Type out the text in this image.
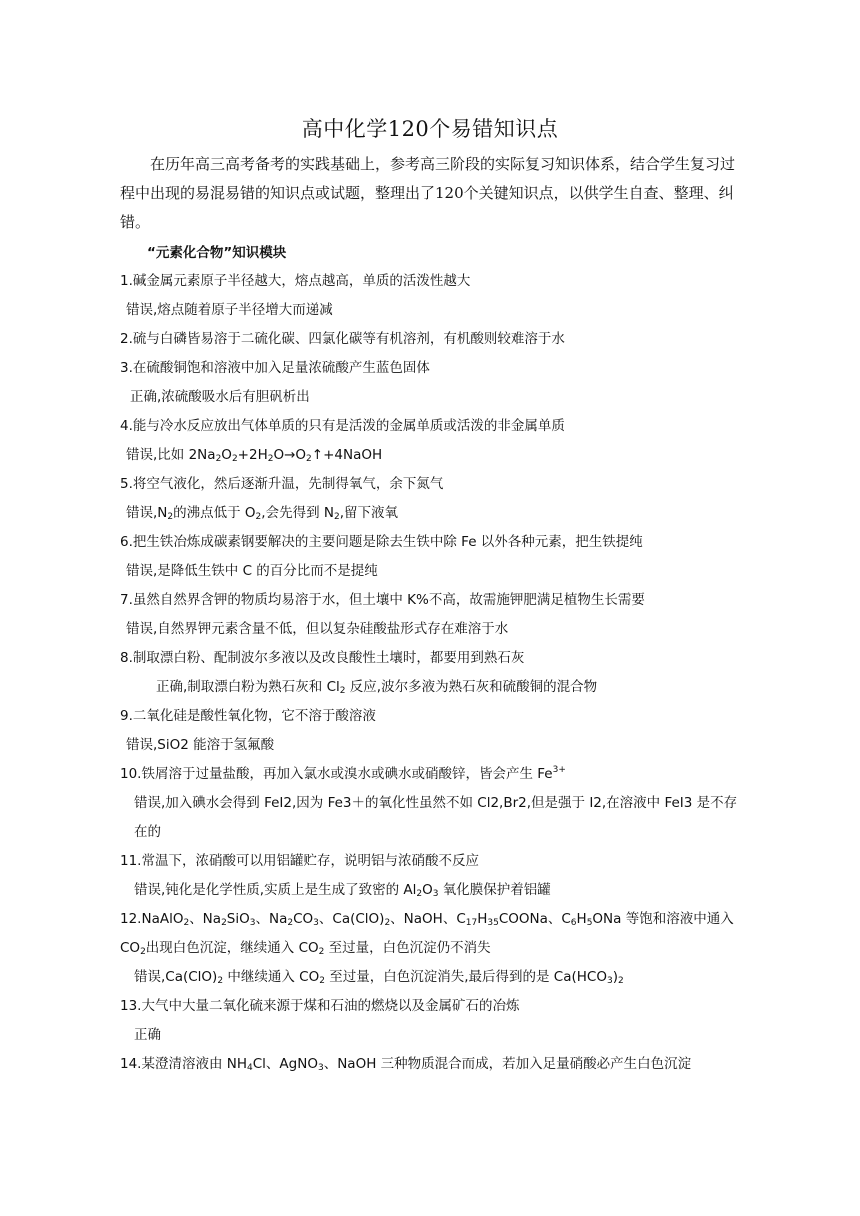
高中化学120个易错知识点

在历年高三高考备考的实践基础上，参考高三阶段的实际复习知识体系，结合学生复习过程中出现的易混易错的知识点或试题，整理出了120个关键知识点，以供学生自查、整理、纠错。

“元素化合物”知识模块
1.碱金属元素原子半径越大，熔点越高，单质的活泼性越大
错误,熔点随着原子半径增大而递减
2.硫与白磷皆易溶于二硫化碳、四氯化碳等有机溶剂，有机酸则较难溶于水
3.在硫酸铜饱和溶液中加入足量浓硫酸产生蓝色固体
正确,浓硫酸吸水后有胆矾析出
4.能与冷水反应放出气体单质的只有是活泼的金属单质或活泼的非金属单质
错误,比如 $2Na_2O_2+2H_2O\to O_2↑+4NaOH$
5.将空气液化，然后逐渐升温，先制得氧气，余下氮气
错误$,N_2$的沸点低于 $O_2$,会先得到 $N_2$,留下液氧
6.把生铁冶炼成碳素钢要解决的主要问题是除去生铁中除 Fe 以外各种元素，把生铁提纯
错误,是降低生铁中 C 的百分比而不是提纯
7.虽然自然界含钾的物质均易溶于水，但土壤中 K%不高，故需施钾肥满足植物生长需要
错误,自然界钾元素含量不低，但以复杂硅酸盐形式存在难溶于水
8.制取漂白粉、配制波尔多液以及改良酸性土壤时，都要用到熟石灰
正确,制取漂白粉为熟石灰和 $Cl_2$ 反应,波尔多液为熟石灰和硫酸铜的混合物
9.二氧化硅是酸性氧化物，它不溶于酸溶液
错误,SiO2 能溶于氢氟酸
10.铁屑溶于过量盐酸，再加入氯水或溴水或碘水或硝酸锌，皆会产生 $Fe^{3+}$
错误,加入碘水会得到 FeI2,因为 Fe3＋的氧化性虽然不如 Cl2,Br2,但是强于 I2,在溶液中 FeI3 是不存在的
11.常温下，浓硝酸可以用铝罐贮存，说明铝与浓硝酸不反应
错误,钝化是化学性质,实质上是生成了致密的 $Al_2O_3$ 氧化膜保护着铝罐
12.NaAlO$_2$、$Na_2SiO_3$、$Na_2CO_3$、$Ca(ClO)_2$、NaOH、$C_{17}H_{35}COONa$、$C_6H_5ONa$ 等饱和溶液中通入 $CO_2$出现白色沉淀，继续通入 $CO_2$ 至过量，白色沉淀仍不消失
错误$,Ca(ClO)_2$ 中继续通入 $CO_2$ 至过量，白色沉淀消失,最后得到的是 $Ca(HCO_3)_2$
13.大气中大量二氧化硫来源于煤和石油的燃烧以及金属矿石的冶炼
正确
14.某澄清溶液由 $NH_4Cl$、AgNO$_3$、NaOH 三种物质混合而成，若加入足量硝酸必产生白色沉淀
